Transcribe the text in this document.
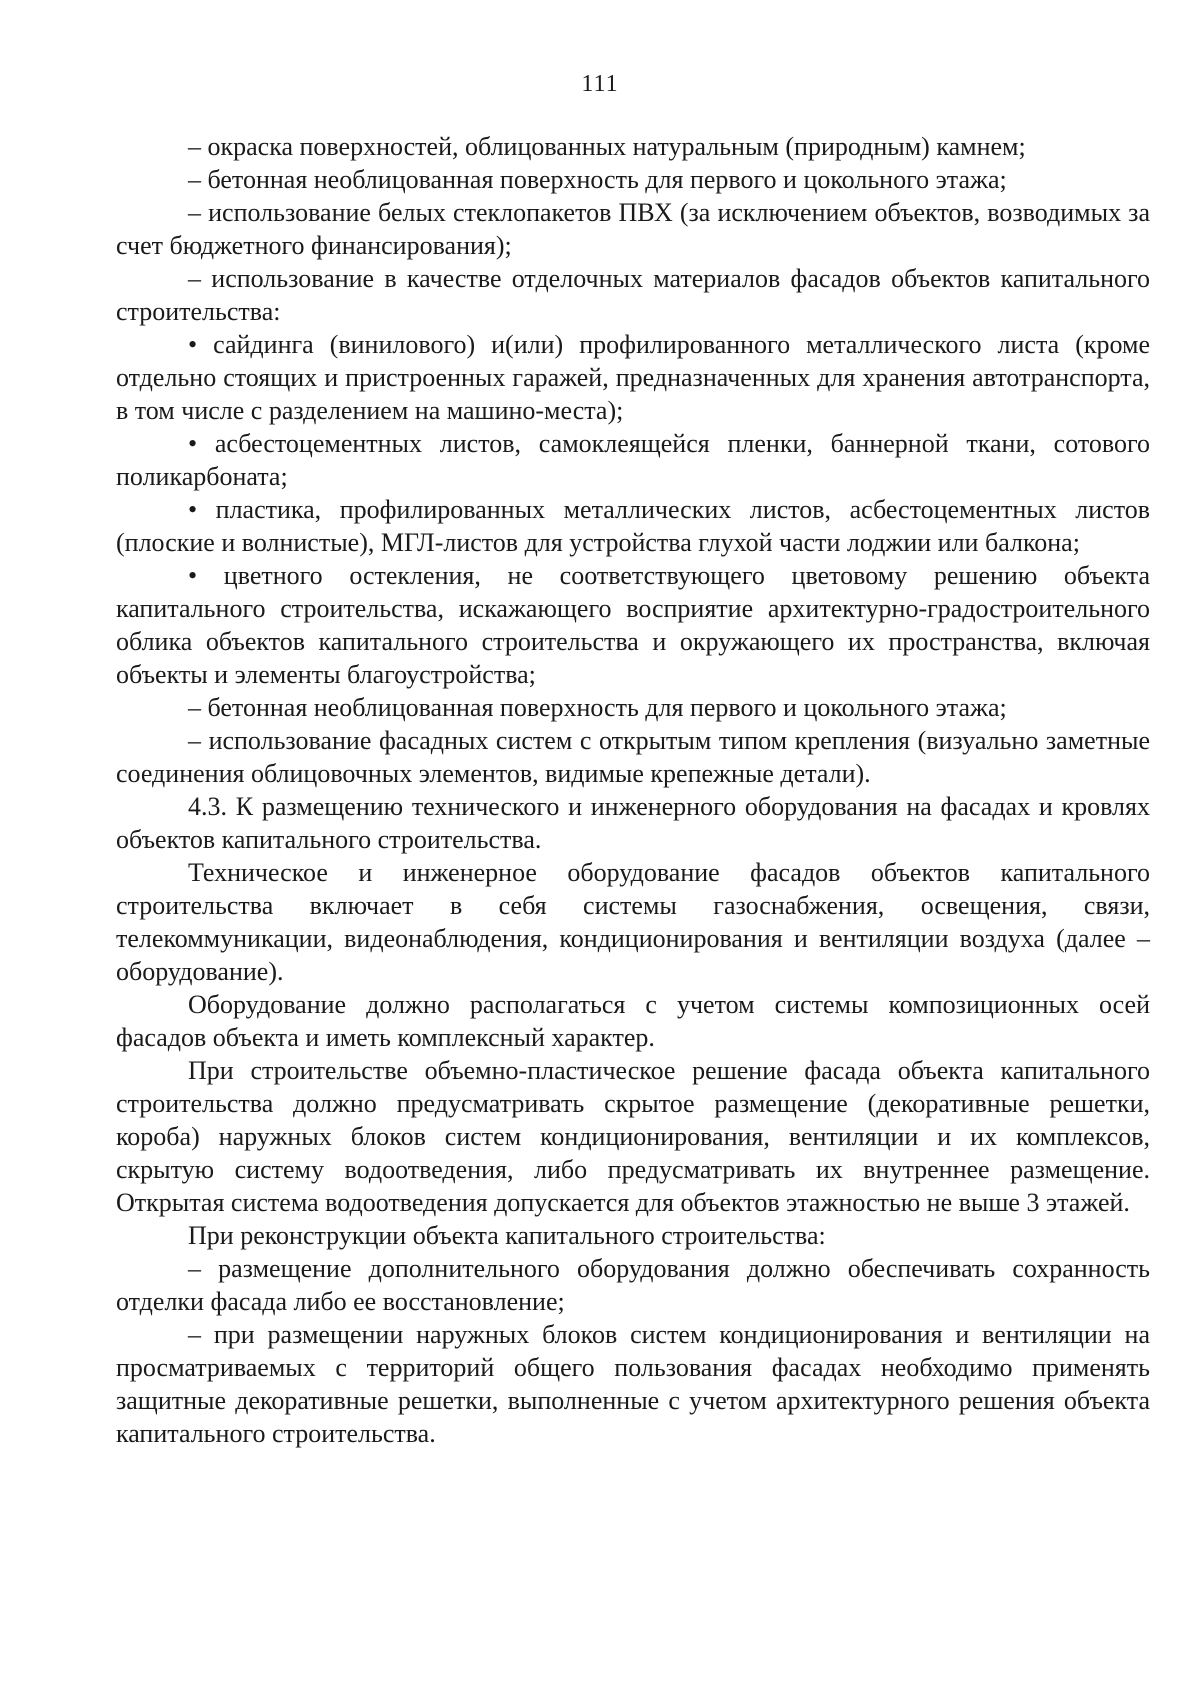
111

– окраска поверхностей, облицованных натуральным (природным) камнем;

– бетонная необлицованная поверхность для первого и цокольного этажа;

– использование белых стеклопакетов ПВХ (за исключением объектов, возводимых за счет бюджетного финансирования);

– использование в качестве отделочных материалов фасадов объектов капитального строительства:

• сайдинга (винилового) и(или) профилированного металлического листа (кроме отдельно стоящих и пристроенных гаражей, предназначенных для хранения автотранспорта, в том числе с разделением на машино-места);

• асбестоцементных листов, самоклеящейся пленки, баннерной ткани, сотового поликарбоната;

• пластика, профилированных металлических листов, асбестоцементных листов (плоские и волнистые), МГЛ-листов для устройства глухой части лоджии или балкона;

• цветного остекления, не соответствующего цветовому решению объекта капитального строительства, искажающего восприятие архитектурно-градостроительного облика объектов капитального строительства и окружающего их пространства, включая объекты и элементы благоустройства;

– бетонная необлицованная поверхность для первого и цокольного этажа;

– использование фасадных систем с открытым типом крепления (визуально заметные соединения облицовочных элементов, видимые крепежные детали).

4.3. К размещению технического и инженерного оборудования на фасадах и кровлях объектов капитального строительства.

Техническое и инженерное оборудование фасадов объектов капитального строительства включает в себя системы газоснабжения, освещения, связи, телекоммуникации, видеонаблюдения, кондиционирования и вентиляции воздуха (далее – оборудование).

Оборудование должно располагаться с учетом системы композиционных осей фасадов объекта и иметь комплексный характер.

При строительстве объемно-пластическое решение фасада объекта капитального строительства должно предусматривать скрытое размещение (декоративные решетки, короба) наружных блоков систем кондиционирования, вентиляции и их комплексов, скрытую систему водоотведения, либо предусматривать их внутреннее размещение. Открытая система водоотведения допускается для объектов этажностью не выше 3 этажей.

При реконструкции объекта капитального строительства:

– размещение дополнительного оборудования должно обеспечивать сохранность отделки фасада либо ее восстановление;

– при размещении наружных блоков систем кондиционирования и вентиляции на просматриваемых с территорий общего пользования фасадах необходимо применять защитные декоративные решетки, выполненные с учетом архитектурного решения объекта капитального строительства.
